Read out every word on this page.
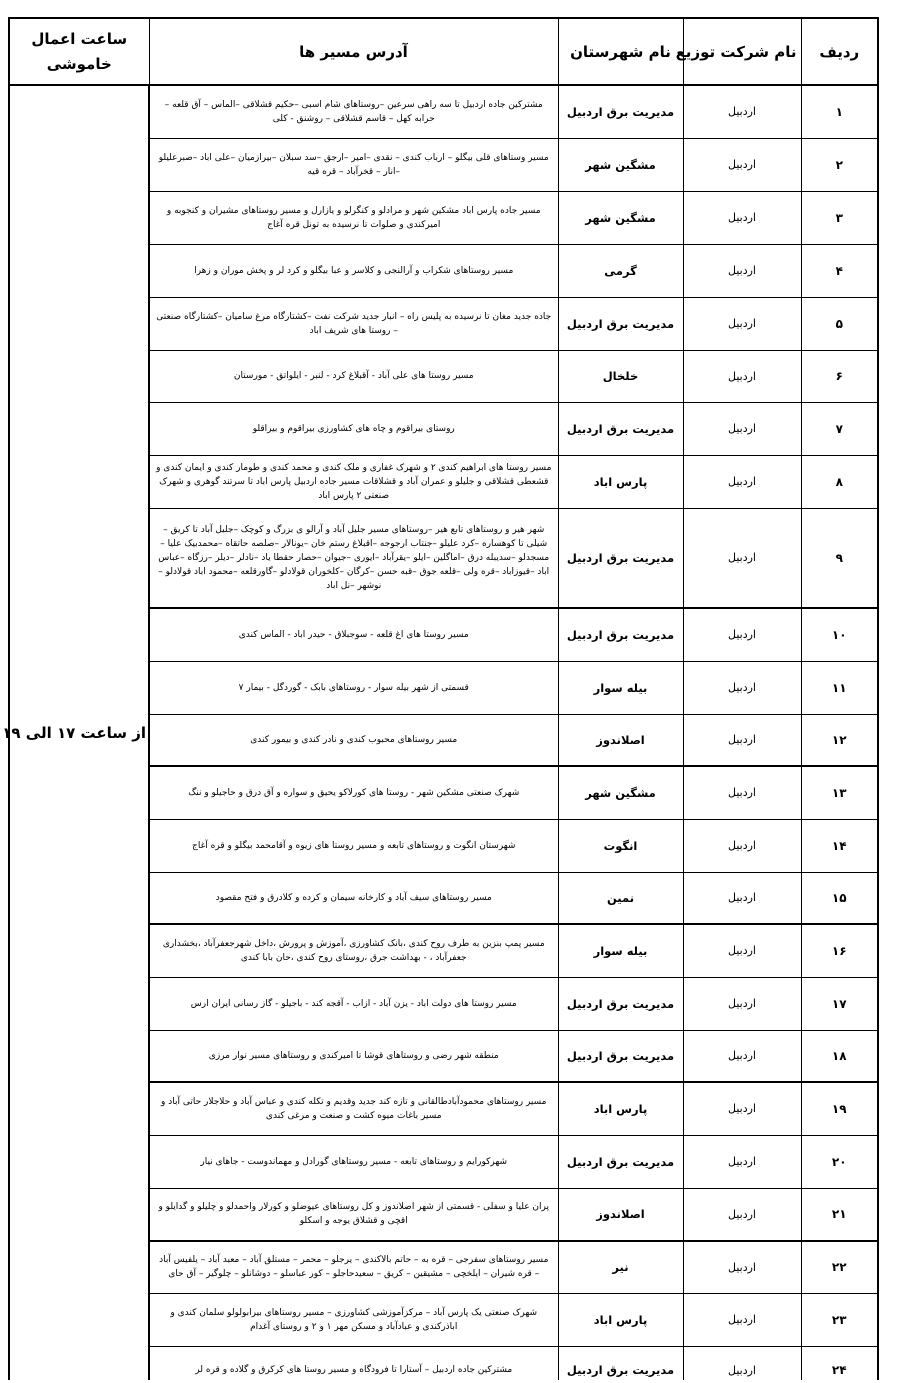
ردیف	نام شرکت توزیع	نام شهرستان	آدرس مسیر ها	ساعت اعمال
خاموشی

۱	اردبیل	مدیریت برق اردبیل	مشترکین جاده اردبیل تا سه راهی سرعین –روستاهای شام اسبی –حکیم قشلاقی –الماس – آق قلعه –حرابه کهل – قاسم قشلاقی – روشنق - کلی	از ساعت ۱۷ الی ۱۹
۲	اردبیل	مشگین شهر	مسیر وستاهای قلی بیگلو – ارباب کندی – نقدی –امیر –ارجق –سد سبلان –بیرازمیان –علی اباد –صبرعلیلو –انار – قخرآباد – قره قیه	
۳	اردبیل	مشگین شهر	مسیر جاده پارس اباد مشکین شهر و مرادلو و کنگرلو و یازارل و مسیر روستاهای مشیران و کنجوبه و امیرکندی و صلوات تا نرسیده به تونل قره آغاج	
۴	اردبیل	گرمی	مسیر روستاهای شکراب و آرالنجی و کلاسر و عبا بیگلو و کرد لر و پخش موران و زهرا	
۵	اردبیل	مدیریت برق اردبیل	جاده جدید مغان تا نرسیده به پلیس راه – انبار جدید شرکت نفت –کشتارگاه مرغ سامیان –کشتارگاه صنعتی – روستا های شریف اباد	
۶	اردبیل	خلخال	مسیر روستا های علی آباد - آقبلاغ کرد - لنبر - ایلواتق - مورستان	
۷	اردبیل	مدیریت برق اردبیل	روستای بیراقوم و چاه های کشاورزی بیراقوم و بیراقلو	
۸	اردبیل	پارس اباد	مسیر روستا های ابراهیم کندی ۲ و شهرک غفاری و ملک کندی و محمد کندی و طومار کندی و ایمان کندی و قشعطی قشلاقی و جلیلو و عمران آباد و قشلاقات مسیر جاده اردبیل پارس اباد تا سرتند گوهری و شهرک صنعتی ۲ پارس اباد	
۹	اردبیل	مدیریت برق اردبیل	شهر هیر و روستاهای تابع هیر –روستاهای مسیر جلیل آباد و آرالو ی بزرگ و کوچک –جلیل آباد تا کریق –شیلی تا کوهساره –کرد علیلو –جنتاب ارجوجه –اقبلاغ رستم خان –یونالار –صلصه حاتقاه –محمدبیک علیا –مسجدلو –سدیبله درق –اماگلین –ایلو –یقرآباد –ایوری –جیوان –حصار حقطا یاد –نادلر –دیلر –رزگاه –عباس اباد –قیوزاباد –قره ولی –قلعه جوق –قبه حسن –کرگان –کلخوران قولادلو –گاورقلعه –محمود اباد قولادلو –نوشهر –نل اباد	
۱۰	اردبیل	مدیریت برق اردبیل	مسیر روستا های اغ قلعه - سوجبلاق - حیدر اباد - الماس کندی	
۱۱	اردبیل	بیله سوار	قسمتی از شهر بیله سوار - روستاهای بابک - گوردگل - بیمار ۷	
۱۲	اردبیل	اصلاندوز	مسیر روستاهای محبوب کندی و نادر کندی و بیمور کندی	
۱۳	اردبیل	مشگین شهر	شهرک صنعتی مشکین شهر - روستا های کورلاکو یحیق و سواره و آق درق و حاجیلو و ننگ	
۱۴	اردبیل	انگوت	شهرستان انگوت و روستاهای تابعه و مسیر روستا های زیوه و آقامحمد بیگلو و قره آغاج	
۱۵	اردبیل	نمین	مسیر روستاهای سیف آباد و کارخانه سیمان و کرده و کلادرق و فتح مقصود	
۱۶	اردبیل	بیله سوار	مسیر پمپ بنزین به طرف روح کندی ،بانک کشاورزی ،آموزش و پرورش ،داخل شهرجعفرآباد ،بخشداری جعفرآباد ، - بهداشت جرق ،روستای روح کندی ،حان بابا کندی	
۱۷	اردبیل	مدیریت برق اردبیل	مسیر روستا های دولت اباد - یزن آباد - ازاب - آقجه کند - باجیلو - گاز رسانی ایران ارس	
۱۸	اردبیل	مدیریت برق اردبیل	منطقه شهر رضی و روستاهای قوشا تا امیرکندی و روستاهای مسیر نوار مرزی	
۱۹	اردبیل	پارس اباد	مسیر روستاهای محمودآبادطالقانی و تازه کند جدید وقدیم و تکله کندی و عباس آباد و حلاجلار حاتی آباد و مسیر باغات میوه کشت و صنعت و مرغی کندی	
۲۰	اردبیل	مدیریت برق اردبیل	شهرکورایم و روستاهای تابعه - مسیر روستاهای گورادل و مهماندوست - جاهای نیار	
۲۱	اردبیل	اصلاندوز	پران علیا و سفلی - قسمتی از شهر اصلاندوز و کل روستاهای عیوضلو و کورلار واحمدلو و چلیلو و گدایلو و اقچی و قشلاق یوجه و اسکلو	
۲۲	اردبیل	نیر	مسیر روستاهای سفرجی – قره به – حاتم بالاکندی – یرجلو – محمر – مستلق آباد – معبد آباد – یلفیس آباد – قره شیران – ایلخچی – مشیقین – کریق – سعیدحاجلو – کور عباسلو – دوشانلو – چلوگیر – آق حای	
۲۳	اردبیل	پارس اباد	شهرک صنعتی یک پارس آباد – مرکزآموزشی کشاورزی – مسیر روستاهای بیرابولولو سلمان کندی و اباذرکندی و عبادآباد و مسکن مهر ۱ و ۲ و روستای آغدام	
۲۴	اردبیل	مدیریت برق اردبیل	مشترکین جاده اردبیل – آستارا تا فرودگاه و مسیر روستا های کرکرق و گلاده و قره لر	
